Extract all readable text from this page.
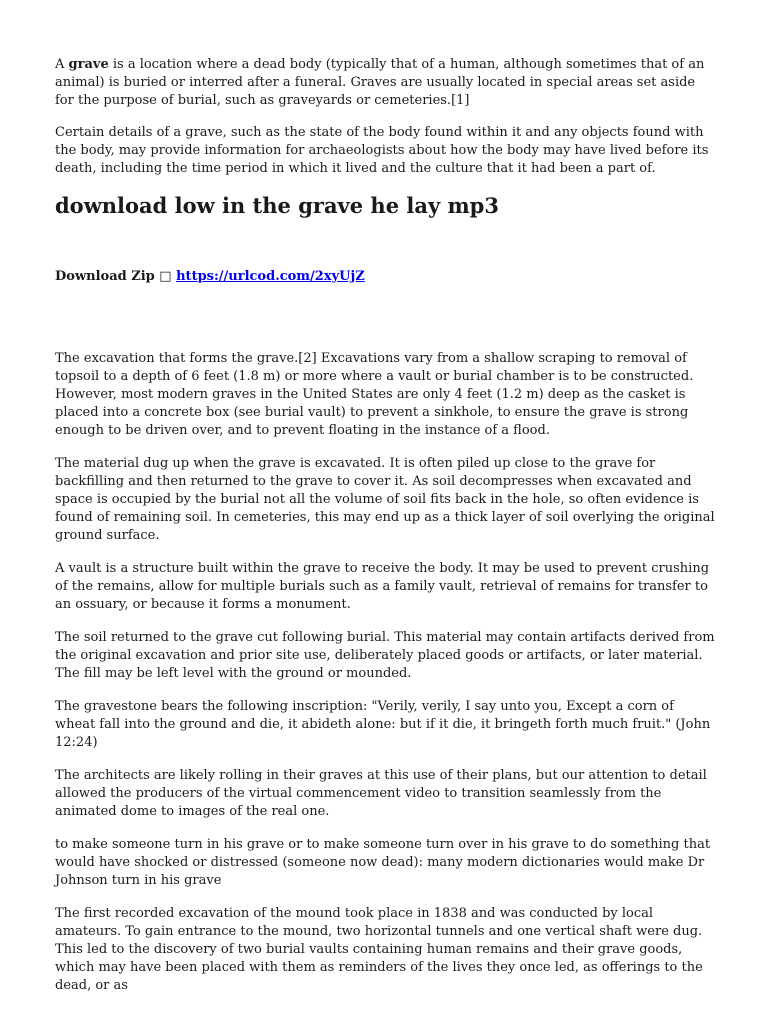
A grave is a location where a dead body (typically that of a human, although sometimes that of an animal) is buried or interred after a funeral. Graves are usually located in special areas set aside for the purpose of burial, such as graveyards or cemeteries.[1]

Certain details of a grave, such as the state of the body found within it and any objects found with the body, may provide information for archaeologists about how the body may have lived before its death, including the time period in which it lived and the culture that it had been a part of.

download low in the grave he lay mp3
Download Zip □ https://urlcod.com/2xyUjZ

The excavation that forms the grave.[2] Excavations vary from a shallow scraping to removal of topsoil to a depth of 6 feet (1.8 m) or more where a vault or burial chamber is to be constructed. However, most modern graves in the United States are only 4 feet (1.2 m) deep as the casket is placed into a concrete box (see burial vault) to prevent a sinkhole, to ensure the grave is strong enough to be driven over, and to prevent floating in the instance of a flood.

The material dug up when the grave is excavated. It is often piled up close to the grave for backfilling and then returned to the grave to cover it. As soil decompresses when excavated and space is occupied by the burial not all the volume of soil fits back in the hole, so often evidence is found of remaining soil. In cemeteries, this may end up as a thick layer of soil overlying the original ground surface.

A vault is a structure built within the grave to receive the body. It may be used to prevent crushing of the remains, allow for multiple burials such as a family vault, retrieval of remains for transfer to an ossuary, or because it forms a monument.

The soil returned to the grave cut following burial. This material may contain artifacts derived from the original excavation and prior site use, deliberately placed goods or artifacts, or later material. The fill may be left level with the ground or mounded.

The gravestone bears the following inscription: "Verily, verily, I say unto you, Except a corn of wheat fall into the ground and die, it abideth alone: but if it die, it bringeth forth much fruit." (John 12:24)

The architects are likely rolling in their graves at this use of their plans, but our attention to detail allowed the producers of the virtual commencement video to transition seamlessly from the animated dome to images of the real one.

to make someone turn in his grave or to make someone turn over in his grave to do something that would have shocked or distressed (someone now dead): many modern dictionaries would make Dr Johnson turn in his grave

The first recorded excavation of the mound took place in 1838 and was conducted by local amateurs. To gain entrance to the mound, two horizontal tunnels and one vertical shaft were dug. This led to the discovery of two burial vaults containing human remains and their grave goods, which may have been placed with them as reminders of the lives they once led, as offerings to the dead, or as
